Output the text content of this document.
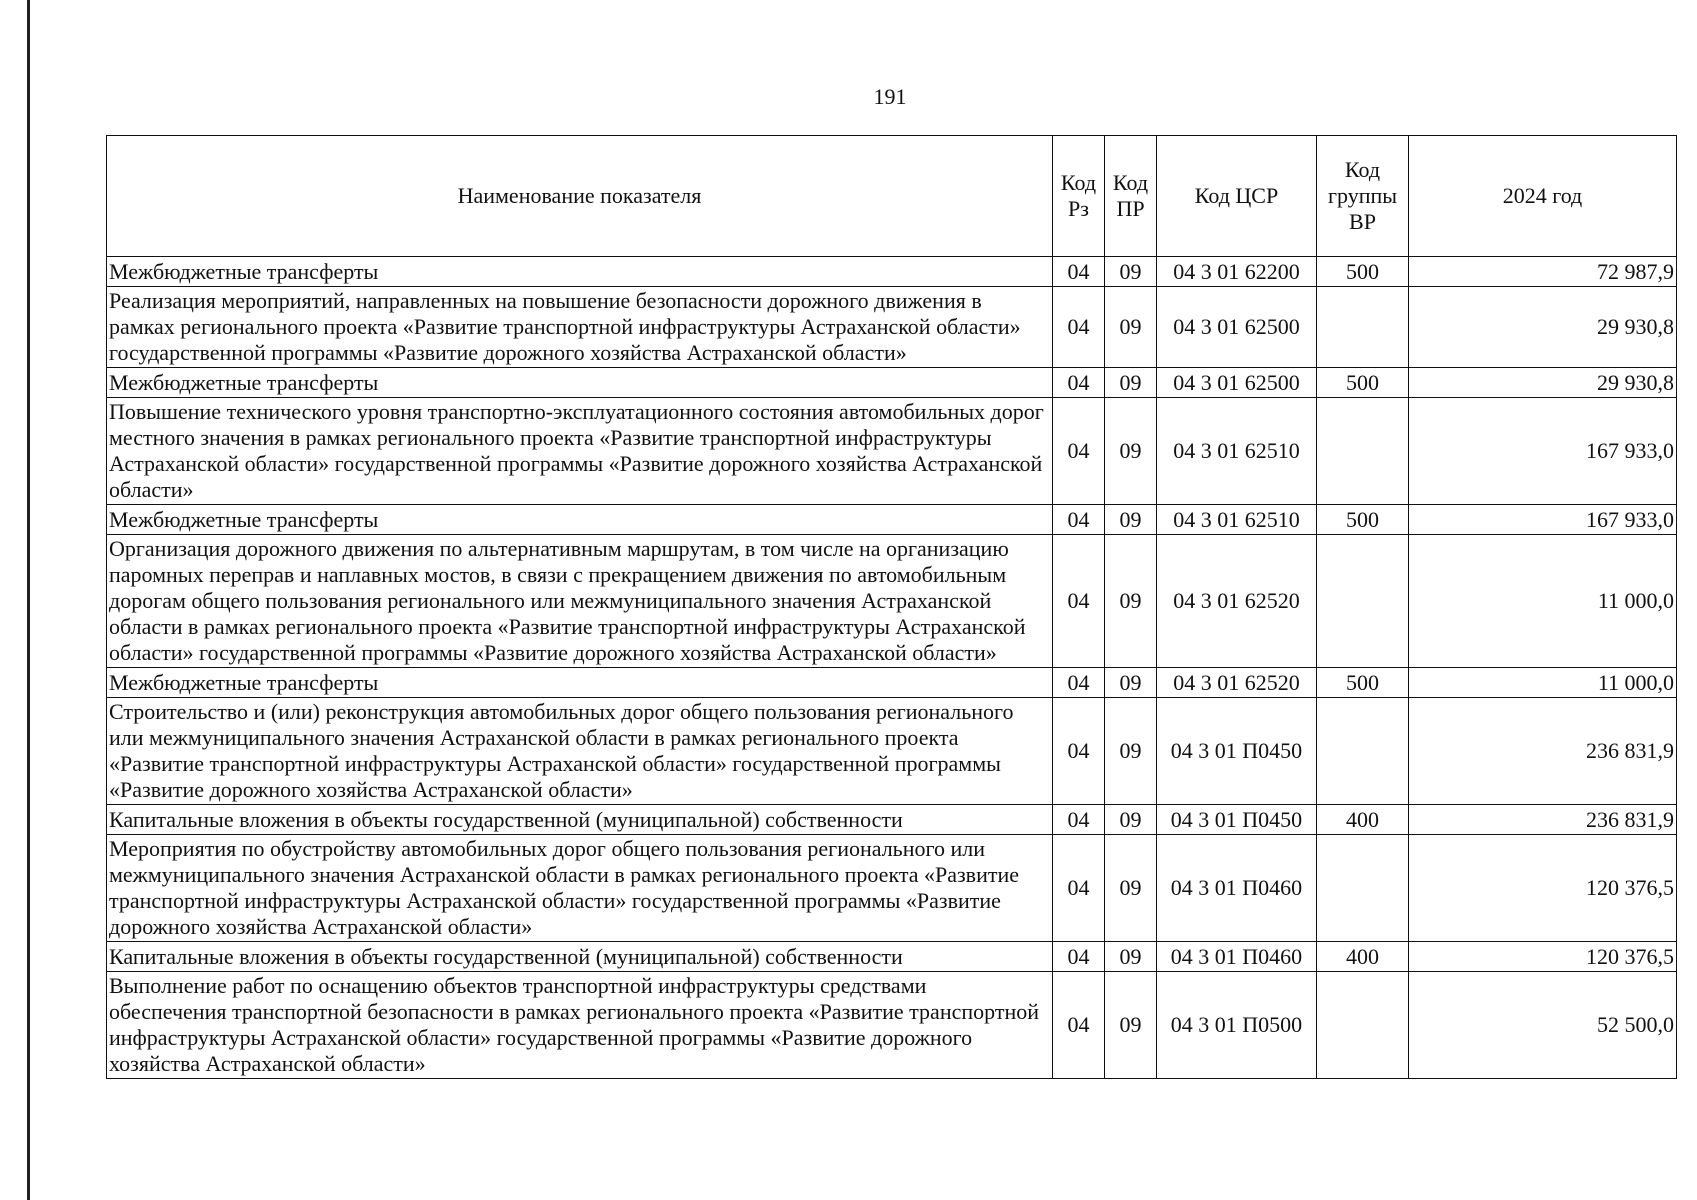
191
Наименование показателя	Код Рз	Код ПР	Код ЦСР	Код группы ВР	2024 год
Межбюджетные трансферты	04	09	04 3 01 62200	500	72 987,9
Реализация мероприятий, направленных на повышение безопасности дорожного движения в рамках регионального проекта «Развитие транспортной инфраструктуры Астраханской области» государственной программы «Развитие дорожного хозяйства Астраханской области»	04	09	04 3 01 62500		29 930,8
Межбюджетные трансферты	04	09	04 3 01 62500	500	29 930,8
Повышение технического уровня транспортно-эксплуатационного состояния автомобильных дорог местного значения в рамках регионального проекта «Развитие транспортной инфраструктуры Астраханской области» государственной программы «Развитие дорожного хозяйства Астраханской области»	04	09	04 3 01 62510		167 933,0
Межбюджетные трансферты	04	09	04 3 01 62510	500	167 933,0
Организация дорожного движения по альтернативным маршрутам, в том числе на организацию паромных переправ и наплавных мостов, в связи с прекращением движения по автомобильным дорогам общего пользования регионального или межмуниципального значения Астраханской области в рамках регионального проекта «Развитие транспортной инфраструктуры Астраханской области» государственной программы «Развитие дорожного хозяйства Астраханской области»	04	09	04 3 01 62520		11 000,0
Межбюджетные трансферты	04	09	04 3 01 62520	500	11 000,0
Строительство и (или) реконструкция автомобильных дорог общего пользования регионального или межмуниципального значения Астраханской области в рамках регионального проекта «Развитие транспортной инфраструктуры Астраханской области» государственной программы «Развитие дорожного хозяйства Астраханской области»	04	09	04 3 01 П0450		236 831,9
Капитальные вложения в объекты государственной (муниципальной) собственности	04	09	04 3 01 П0450	400	236 831,9
Мероприятия по обустройству автомобильных дорог общего пользования регионального или межмуниципального значения Астраханской области в рамках регионального проекта «Развитие транспортной инфраструктуры Астраханской области» государственной программы «Развитие дорожного хозяйства Астраханской области»	04	09	04 3 01 П0460		120 376,5
Капитальные вложения в объекты государственной (муниципальной) собственности	04	09	04 3 01 П0460	400	120 376,5
Выполнение работ по оснащению объектов транспортной инфраструктуры средствами обеспечения транспортной безопасности в рамках регионального проекта «Развитие транспортной инфраструктуры Астраханской области» государственной программы «Развитие дорожного хозяйства Астраханской области»	04	09	04 3 01 П0500		52 500,0
